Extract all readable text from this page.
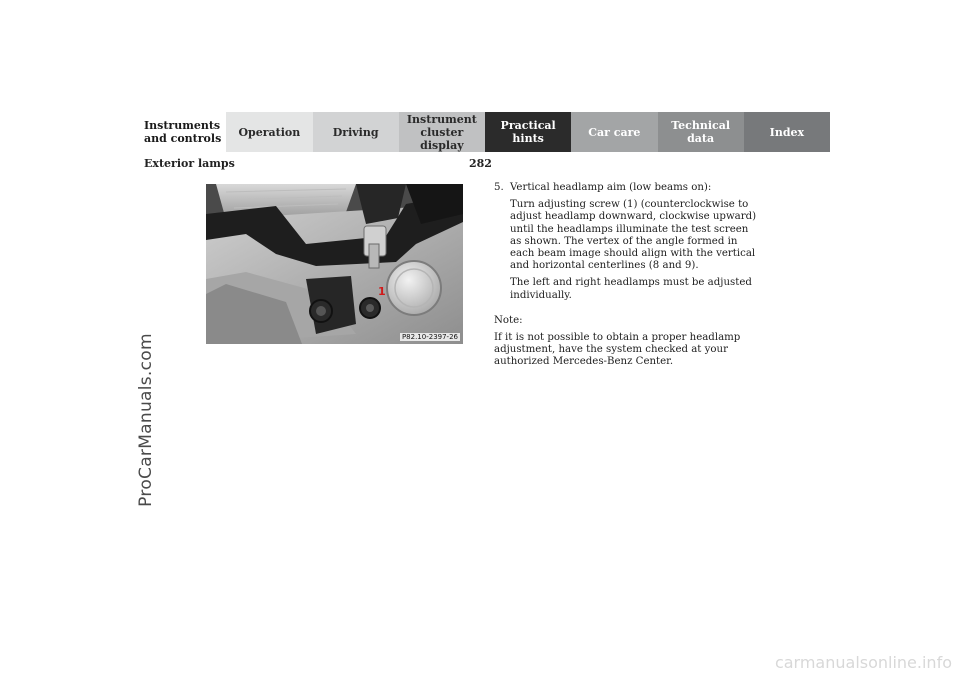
Instruments
and controls	Operation	Driving
Instrument
cluster display
Practical hints	Car care	Technical
data	Index
Exterior lamps	282
ProCarManuals.com
1
P82.10-2397-26
5. Vertical headlamp aim (low beams on):

Turn adjusting screw (1) (counterclockwise to adjust headlamp downward, clockwise upward) until the headlamps illuminate the test screen as shown. The vertex of the angle formed in each beam image should align with the vertical and horizontal centerlines (8 and 9).

The left and right headlamps must be adjusted individually.

Note:

If it is not possible to obtain a proper headlamp adjustment, have the system checked at your authorized Mercedes-Benz Center.

carmanualsonline.info
